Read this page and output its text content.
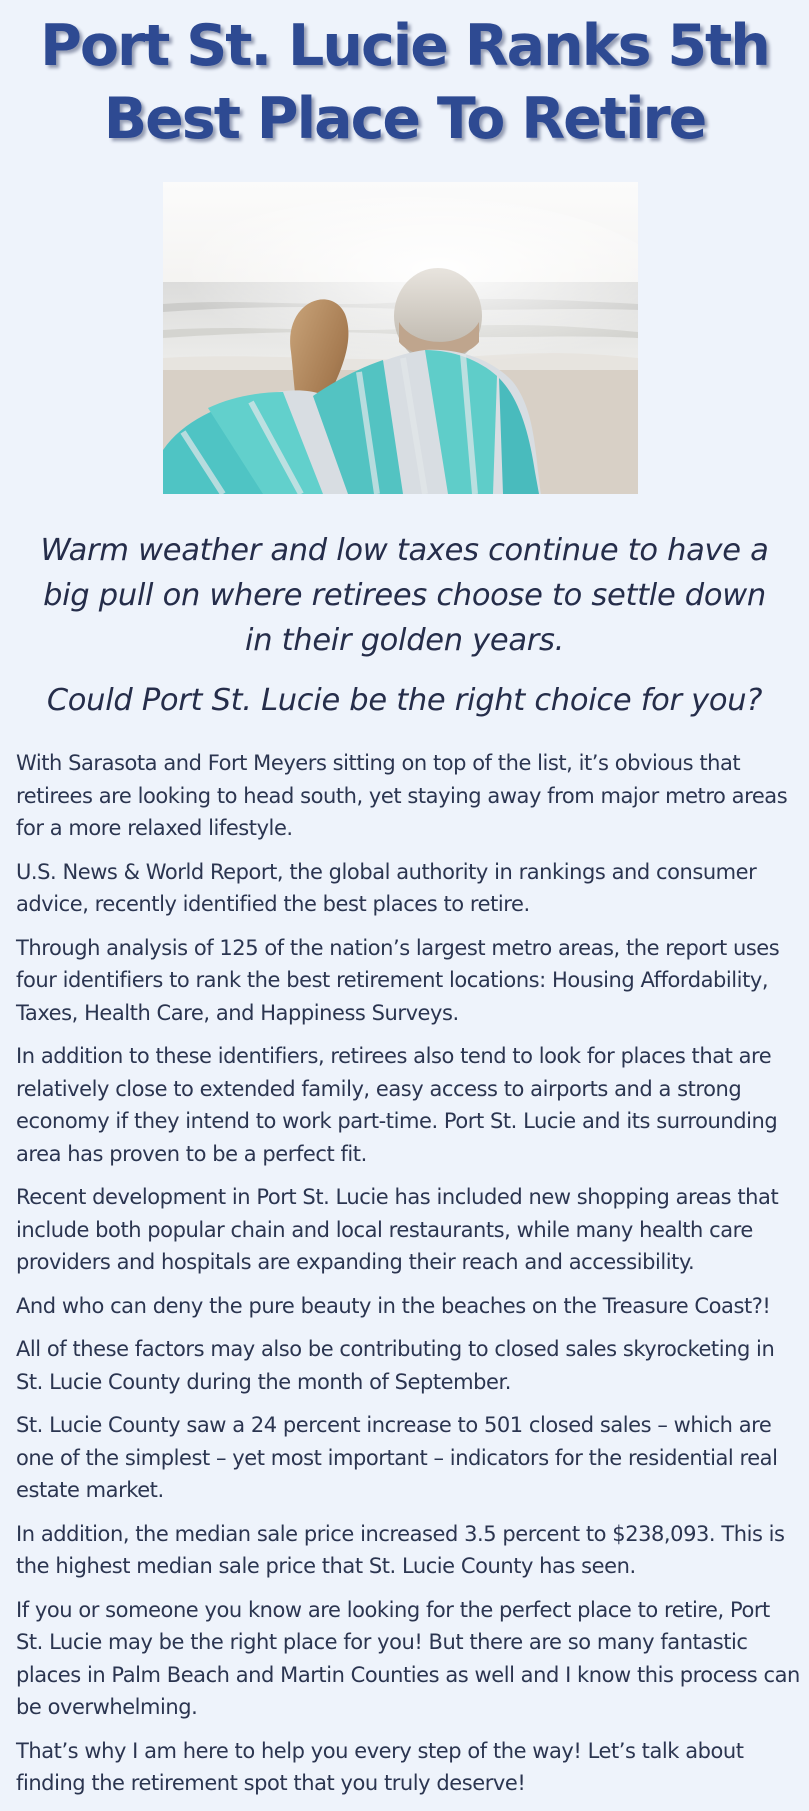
Port St. Lucie Ranks 5th
Best Place To Retire

Warm weather and low taxes continue to have a big pull on where retirees choose to settle down in their golden years.

Could Port St. Lucie be the right choice for you?

With Sarasota and Fort Meyers sitting on top of the list, it’s obvious that retirees are looking to head south, yet staying away from major metro areas for a more relaxed lifestyle.

U.S. News & World Report, the global authority in rankings and consumer advice, recently identified the best places to retire.

Through analysis of 125 of the nation’s largest metro areas, the report uses four identifiers to rank the best retirement locations: Housing Affordability, Taxes, Health Care, and Happiness Surveys.

In addition to these identifiers, retirees also tend to look for places that are relatively close to extended family, easy access to airports and a strong economy if they intend to work part-time. Port St. Lucie and its surrounding area has proven to be a perfect fit.

Recent development in Port St. Lucie has included new shopping areas that include both popular chain and local restaurants, while many health care providers and hospitals are expanding their reach and accessibility.

And who can deny the pure beauty in the beaches on the Treasure Coast?!

All of these factors may also be contributing to closed sales skyrocketing in St. Lucie County during the month of September.

St. Lucie County saw a 24 percent increase to 501 closed sales – which are one of the simplest – yet most important – indicators for the residential real estate market.

In addition, the median sale price increased 3.5 percent to $238,093. This is the highest median sale price that St. Lucie County has seen.

If you or someone you know are looking for the perfect place to retire, Port St. Lucie may be the right place for you! But there are so many fantastic places in Palm Beach and Martin Counties as well and I know this process can be overwhelming.

That’s why I am here to help you every step of the way! Let’s talk about finding the retirement spot that you truly deserve!
